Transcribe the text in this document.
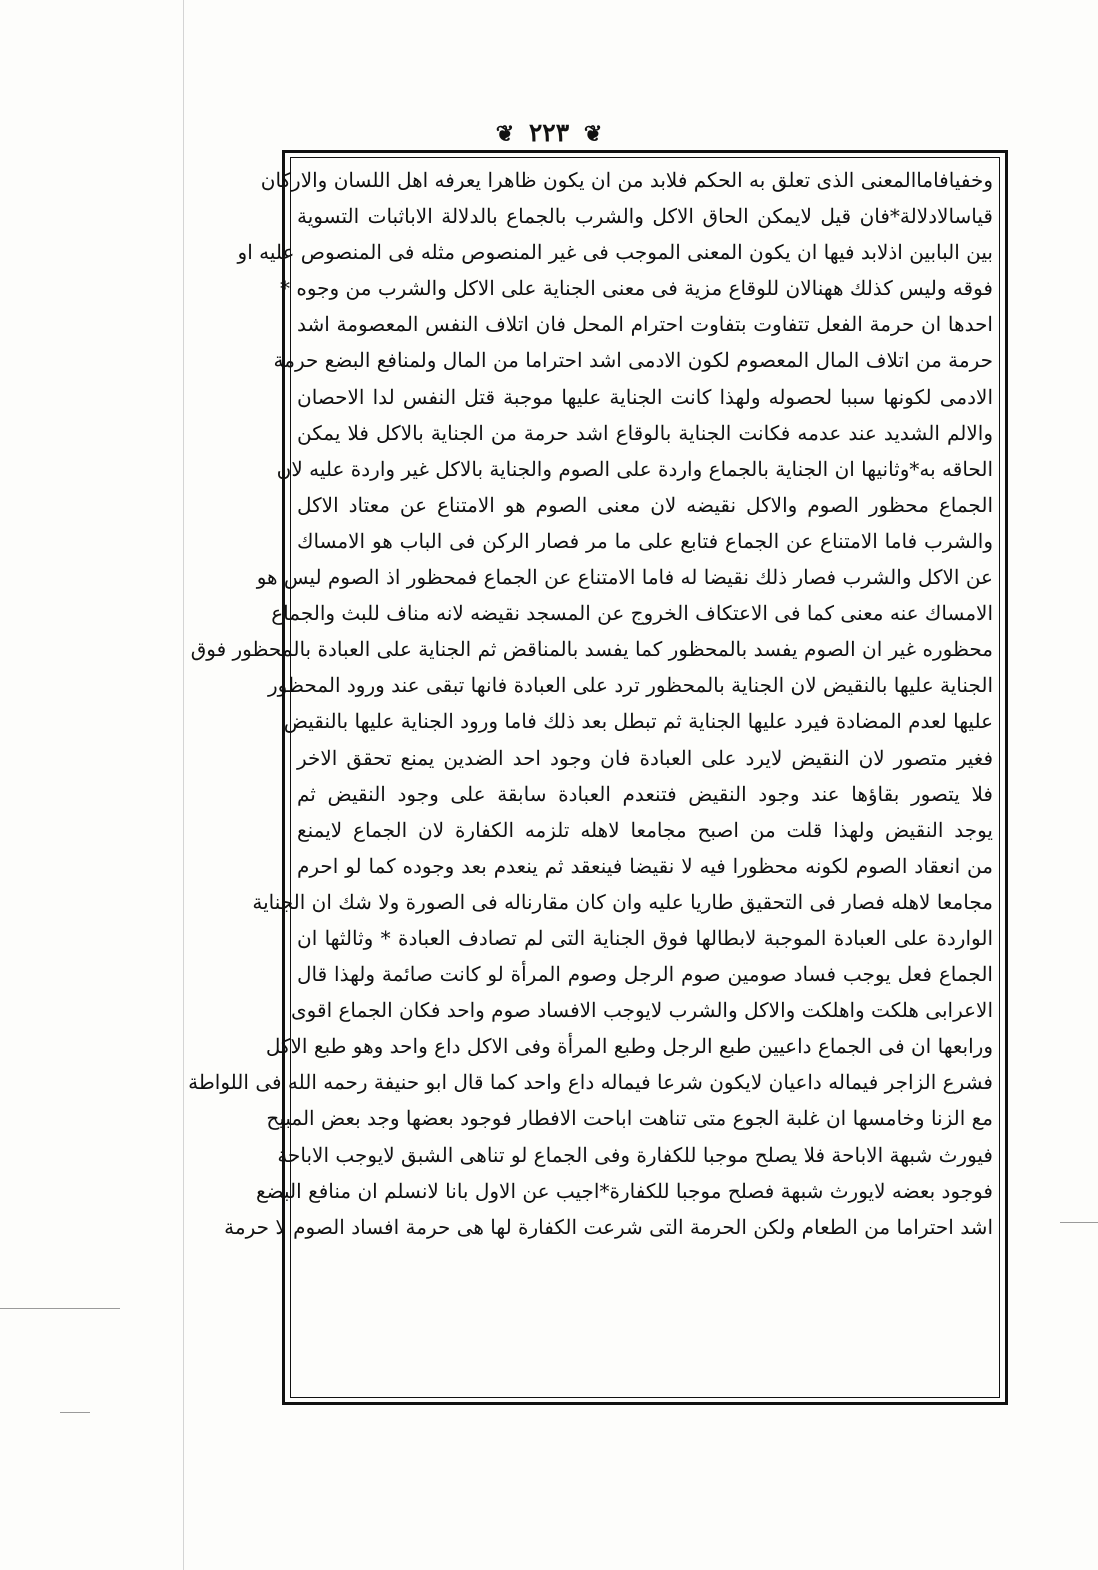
❦ ٢٢٣ ❦
وخفيافاماالمعنى الذى تعلق به الحكم فلابد من ان يكون ظاهرا يعرفه اهل اللسان والاركان
قياسالادلالة*فان قيل لايمكن الحاق الاكل والشرب بالجماع بالدلالة الاباثبات التسوية
بين البابين اذلابد فيها ان يكون المعنى الموجب فى غير المنصوص مثله فى المنصوص عليه او
فوقه وليس كذلك ههنالان للوقاع مزية فى معنى الجناية على الاكل والشرب من وجوه *
احدها ان حرمة الفعل تتفاوت بتفاوت احترام المحل فان اتلاف النفس المعصومة اشد
حرمة من اتلاف المال المعصوم لكون الادمى اشد احتراما من المال ولمنافع البضع حرمة
الادمى لكونها سببا لحصوله ولهذا كانت الجناية عليها موجبة قتل النفس لدا الاحصان
والالم الشديد عند عدمه فكانت الجناية بالوقاع اشد حرمة من الجناية بالاكل فلا يمكن
الحاقه به*وثانيها ان الجناية بالجماع واردة على الصوم والجناية بالاكل غير واردة عليه لان
الجماع محظور الصوم والاكل نقيضه لان معنى الصوم هو الامتناع عن معتاد الاكل
والشرب فاما الامتناع عن الجماع فتابع على ما مر فصار الركن فى الباب هو الامساك
عن الاكل والشرب فصار ذلك نقيضا له فاما الامتناع عن الجماع فمحظور اذ الصوم ليس هو
الامساك عنه معنى كما فى الاعتكاف الخروج عن المسجد نقيضه لانه مناف للبث والجماع
محظوره غير ان الصوم يفسد بالمحظور كما يفسد بالمناقض ثم الجناية على العبادة بالمحظور فوق
الجناية عليها بالنقيض لان الجناية بالمحظور ترد على العبادة فانها تبقى عند ورود المحظور
عليها لعدم المضادة فيرد عليها الجناية ثم تبطل بعد ذلك فاما ورود الجناية عليها بالنقيض
فغير متصور لان النقيض لايرد على العبادة فان وجود احد الضدين يمنع تحقق الاخر
فلا يتصور بقاؤها عند وجود النقيض فتنعدم العبادة سابقة على وجود النقيض ثم
يوجد النقيض ولهذا قلت من اصبح مجامعا لاهله تلزمه الكفارة لان الجماع لايمنع
من انعقاد الصوم لكونه محظورا فيه لا نقيضا فينعقد ثم ينعدم بعد وجوده كما لو احرم
مجامعا لاهله فصار فى التحقيق طاريا عليه وان كان مقارناله فى الصورة ولا شك ان الجناية
الواردة على العبادة الموجبة لابطالها فوق الجناية التى لم تصادف العبادة * وثالثها ان
الجماع فعل يوجب فساد صومين صوم الرجل وصوم المرأة لو كانت صائمة ولهذا قال
الاعرابى هلكت واهلكت والاكل والشرب لايوجب الافساد صوم واحد فكان الجماع اقوى
ورابعها ان فى الجماع داعيين طبع الرجل وطبع المرأة وفى الاكل داع واحد وهو طبع الاكل
فشرع الزاجر فيماله داعيان لايكون شرعا فيماله داع واحد كما قال ابو حنيفة رحمه الله فى اللواطة
مع الزنا وخامسها ان غلبة الجوع متى تناهت اباحت الافطار فوجود بعضها وجد بعض المبيح
فيورث شبهة الاباحة فلا يصلح موجبا للكفارة وفى الجماع لو تناهى الشبق لايوجب الاباحة
فوجود بعضه لايورث شبهة فصلح موجبا للكفارة*اجيب عن الاول بانا لانسلم ان منافع البضع
اشد احتراما من الطعام ولكن الحرمة التى شرعت الكفارة لها هى حرمة افساد الصوم لا حرمة
